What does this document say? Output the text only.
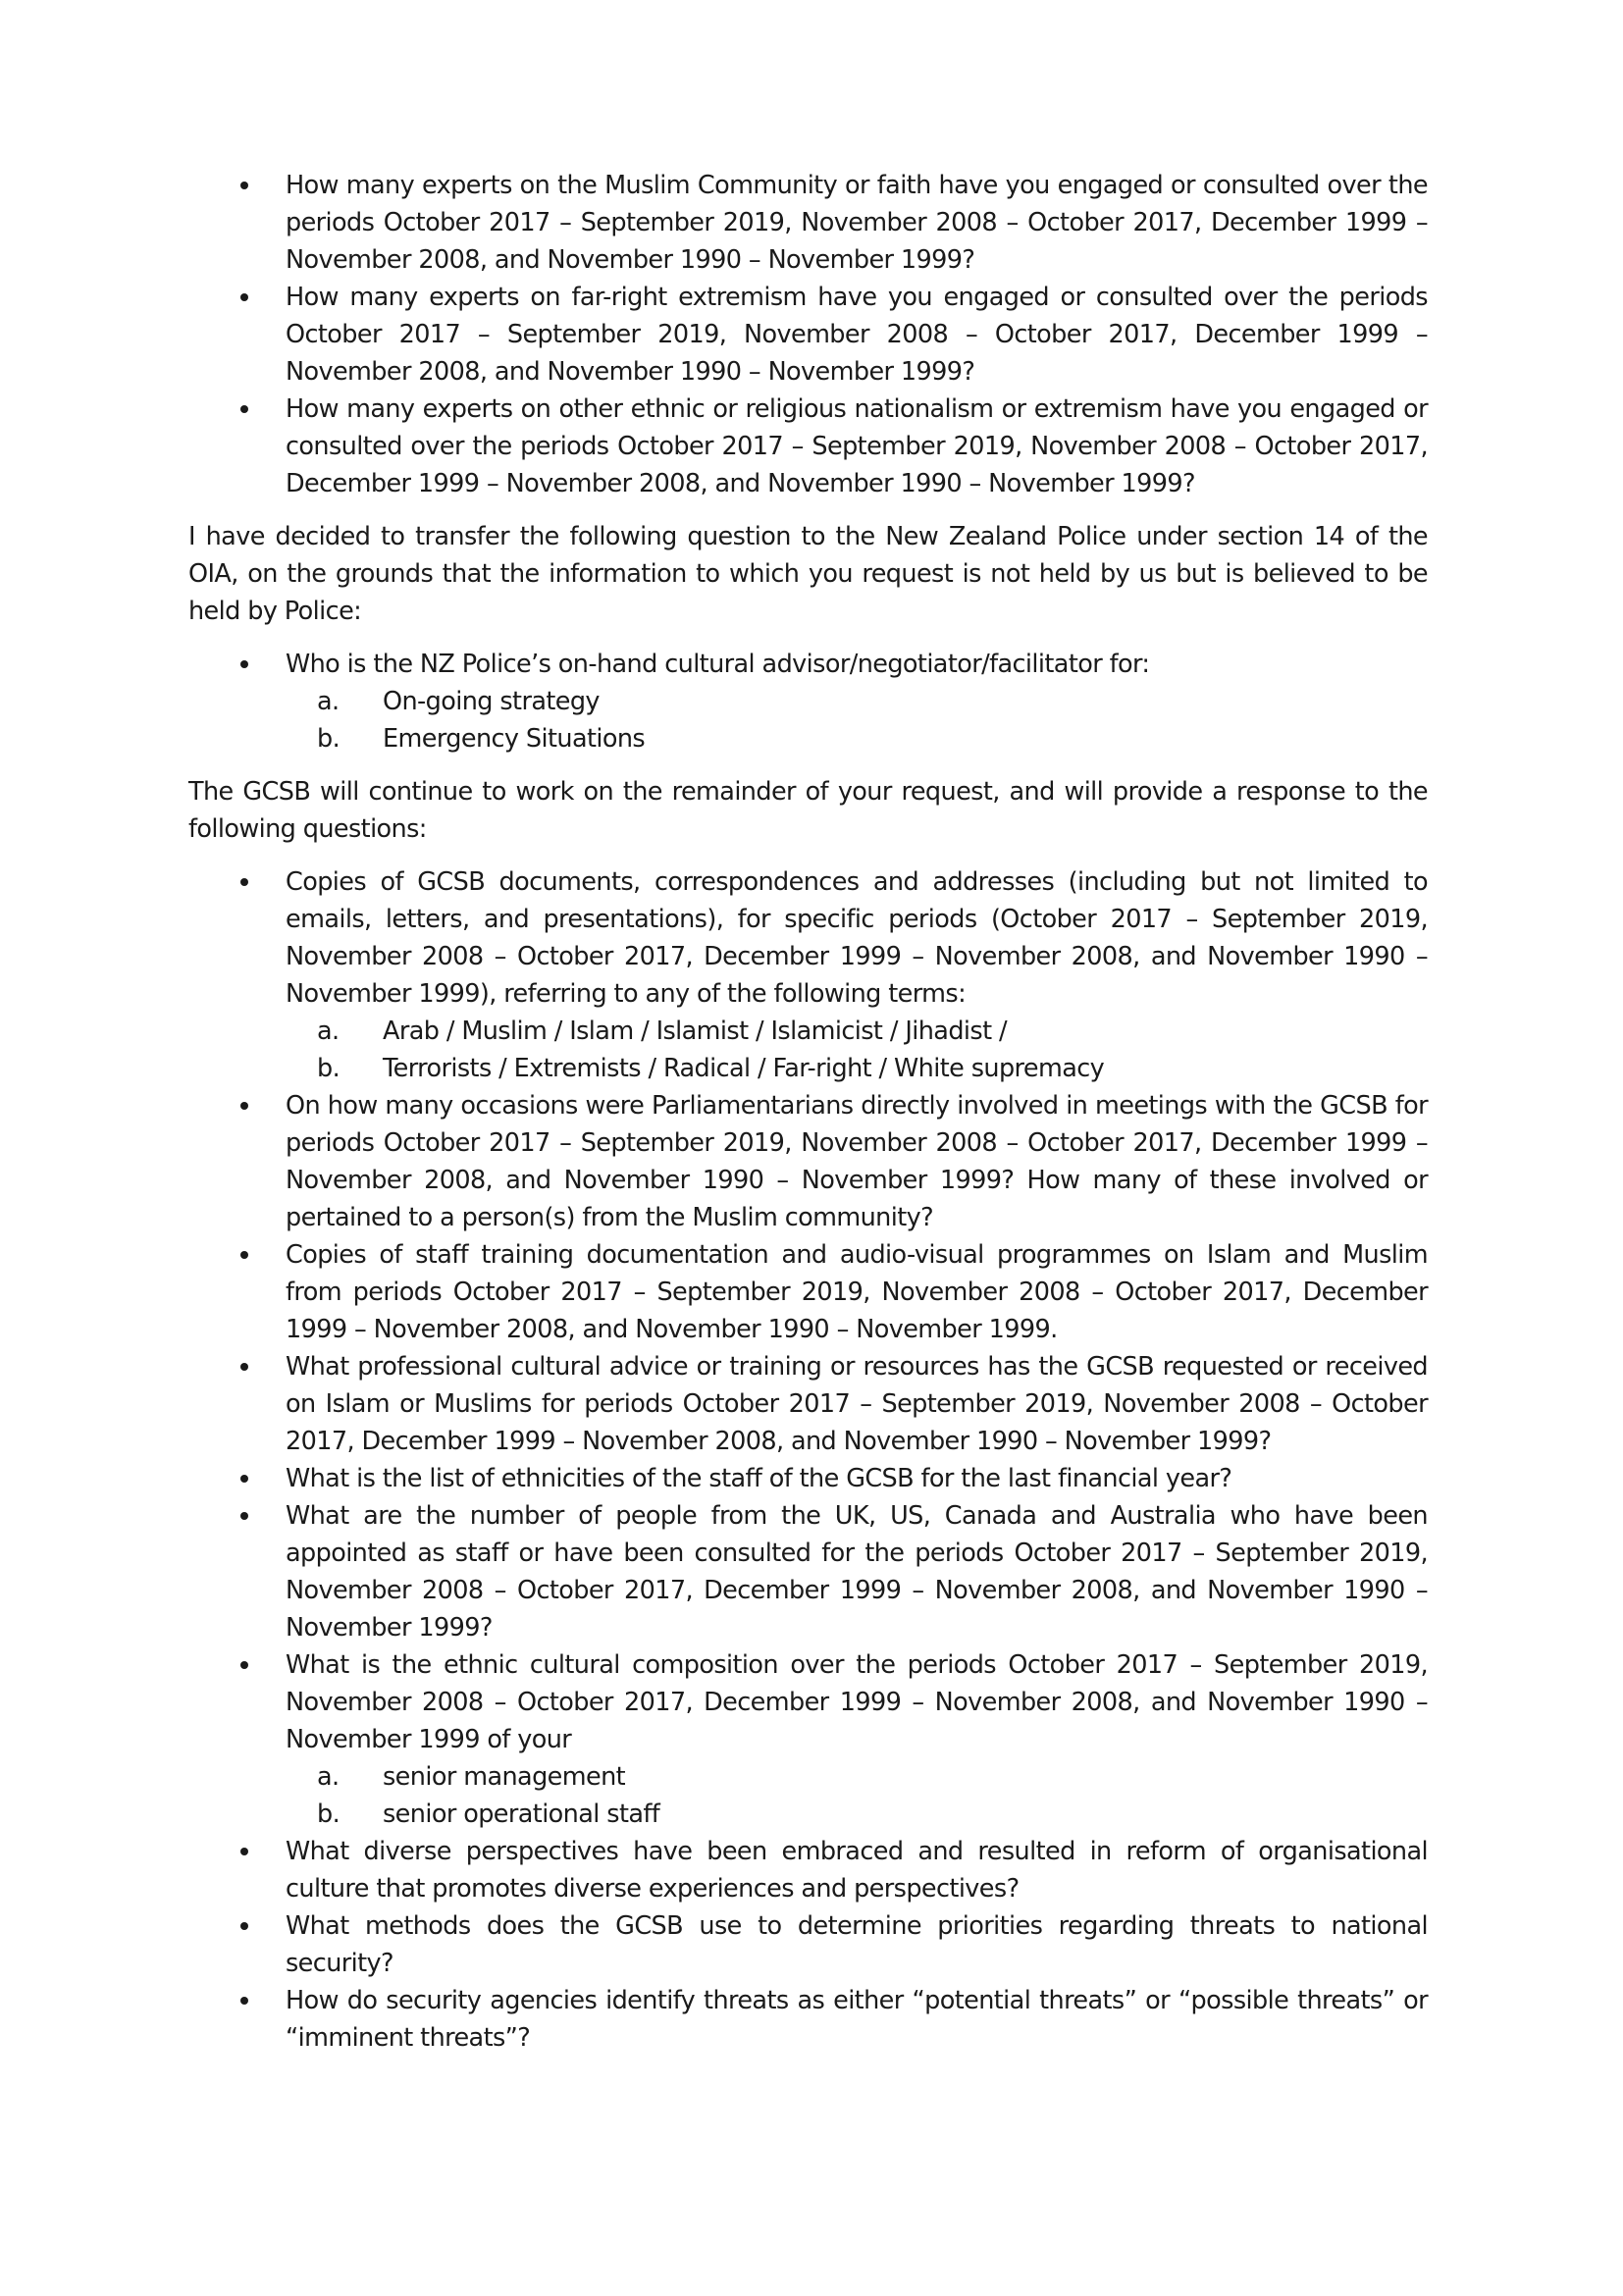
How many experts on the Muslim Community or faith have you engaged or consulted over the periods October 2017 – September 2019, November 2008 – October 2017, December 1999 – November 2008, and November 1990 – November 1999?
How many experts on far-right extremism have you engaged or consulted over the periods October 2017 – September 2019, November 2008 – October 2017, December 1999 – November 2008, and November 1990 – November 1999?
How many experts on other ethnic or religious nationalism or extremism have you engaged or consulted over the periods October 2017 – September 2019, November 2008 – October 2017, December 1999 – November 2008, and November 1990 – November 1999?

I have decided to transfer the following question to the New Zealand Police under section 14 of the OIA, on the grounds that the information to which you request is not held by us but is believed to be held by Police:

Who is the NZ Police’s on-hand cultural advisor/negotiator/facilitator for:
a. On-going strategy
b. Emergency Situations

The GCSB will continue to work on the remainder of your request, and will provide a response to the following questions:

Copies of GCSB documents, correspondences and addresses (including but not limited to emails, letters, and presentations), for specific periods (October 2017 – September 2019, November 2008 – October 2017, December 1999 – November 2008, and November 1990 – November 1999), referring to any of the following terms:
a. Arab / Muslim / Islam / Islamist / Islamicist / Jihadist /
b. Terrorists / Extremists / Radical / Far-right / White supremacy
On how many occasions were Parliamentarians directly involved in meetings with the GCSB for periods October 2017 – September 2019, November 2008 – October 2017, December 1999 – November 2008, and November 1990 – November 1999? How many of these involved or pertained to a person(s) from the Muslim community?
Copies of staff training documentation and audio-visual programmes on Islam and Muslim from periods October 2017 – September 2019, November 2008 – October 2017, December 1999 – November 2008, and November 1990 – November 1999.
What professional cultural advice or training or resources has the GCSB requested or received on Islam or Muslims for periods October 2017 – September 2019, November 2008 – October 2017, December 1999 – November 2008, and November 1990 – November 1999?
What is the list of ethnicities of the staff of the GCSB for the last financial year?
What are the number of people from the UK, US, Canada and Australia who have been appointed as staff or have been consulted for the periods October 2017 – September 2019, November 2008 – October 2017, December 1999 – November 2008, and November 1990 – November 1999?
What is the ethnic cultural composition over the periods October 2017 – September 2019, November 2008 – October 2017, December 1999 – November 2008, and November 1990 – November 1999 of your
a. senior management
b. senior operational staff
What diverse perspectives have been embraced and resulted in reform of organisational culture that promotes diverse experiences and perspectives?
What methods does the GCSB use to determine priorities regarding threats to national security?
How do security agencies identify threats as either “potential threats” or “possible threats” or “imminent threats”?
